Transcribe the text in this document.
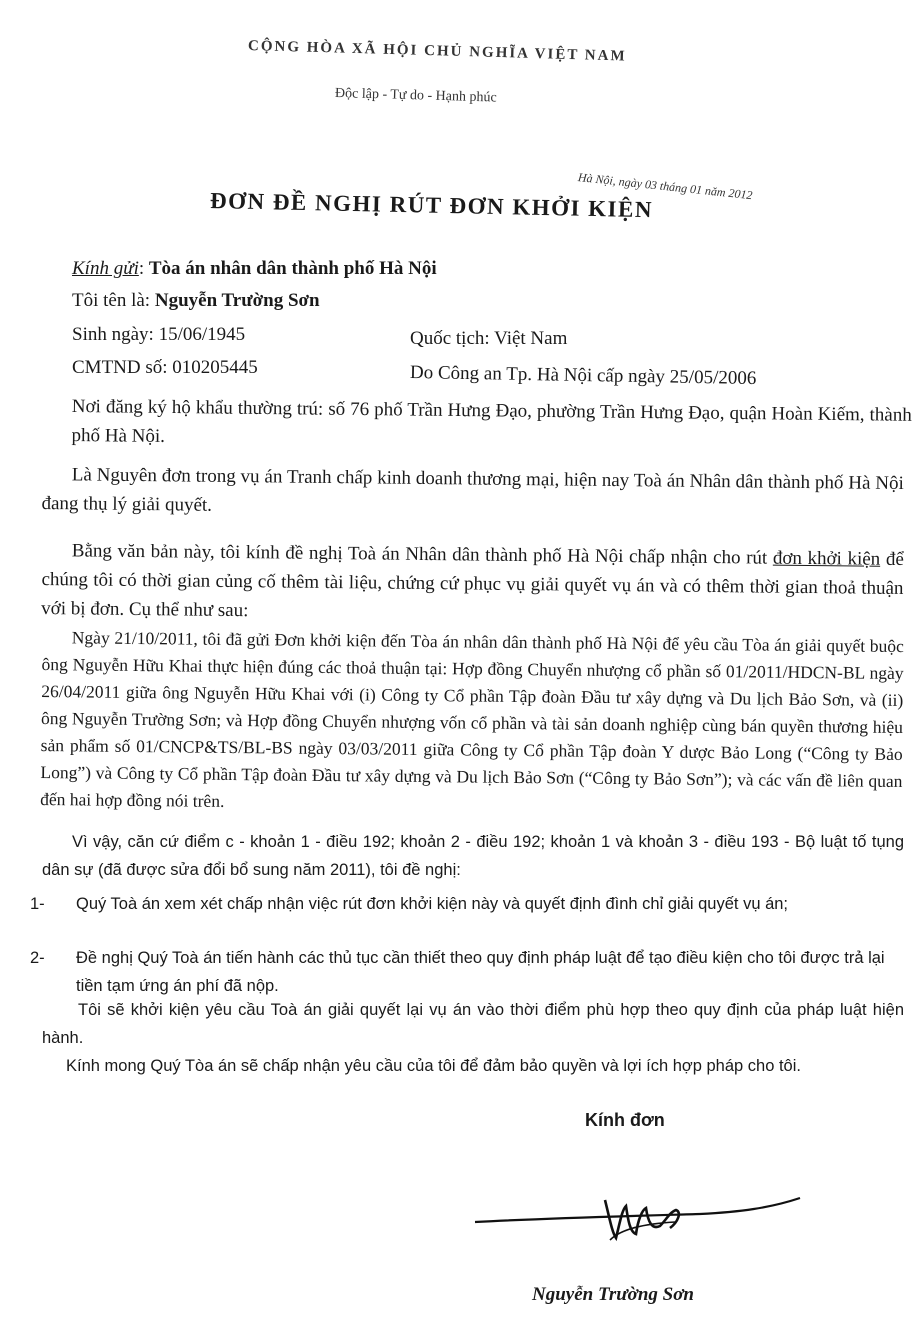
CỘNG HÒA XÃ HỘI CHỦ NGHĨA VIỆT NAM
Độc lập - Tự do - Hạnh phúc
Hà Nội, ngày 03 tháng 01 năm 2012
ĐƠN ĐỀ NGHỊ RÚT ĐƠN KHỞI KIỆN
Kính gửi: Tòa án nhân dân thành phố Hà Nội
Tôi tên là: Nguyễn Trường Sơn
Sinh ngày: 15/06/1945	Quốc tịch: Việt Nam
CMTND số: 010205445	Do Công an Tp. Hà Nội cấp ngày 25/05/2006
Nơi đăng ký hộ khẩu thường trú: số 76 phố Trần Hưng Đạo, phường Trần Hưng Đạo, quận Hoàn Kiếm, thành phố Hà Nội.
Là Nguyên đơn trong vụ án Tranh chấp kinh doanh thương mại, hiện nay Toà án Nhân dân thành phố Hà Nội đang thụ lý giải quyết.
Bằng văn bản này, tôi kính đề nghị Toà án Nhân dân thành phố Hà Nội chấp nhận cho rút đơn khởi kiện để chúng tôi có thời gian củng cố thêm tài liệu, chứng cứ phục vụ giải quyết vụ án và có thêm thời gian thoả thuận với bị đơn. Cụ thể như sau:
Ngày 21/10/2011, tôi đã gửi Đơn khởi kiện đến Tòa án nhân dân thành phố Hà Nội để yêu cầu Tòa án giải quyết buộc ông Nguyễn Hữu Khai thực hiện đúng các thoả thuận tại: Hợp đồng Chuyển nhượng cổ phần số 01/2011/HDCN-BL ngày 26/04/2011 giữa ông Nguyễn Hữu Khai với (i) Công ty Cổ phần Tập đoàn Đầu tư xây dựng và Du lịch Bảo Sơn, và (ii) ông Nguyễn Trường Sơn; và Hợp đồng Chuyển nhượng vốn cổ phần và tài sản doanh nghiệp cùng bán quyền thương hiệu sản phẩm số 01/CNCP&TS/BL-BS ngày 03/03/2011 giữa Công ty Cổ phần Tập đoàn Y dược Bảo Long (“Công ty Bảo Long”) và Công ty Cổ phần Tập đoàn Đầu tư xây dựng và Du lịch Bảo Sơn (“Công ty Bảo Sơn”); và các vấn đề liên quan đến hai hợp đồng nói trên.
Vì vậy, căn cứ điểm c - khoản 1 - điều 192; khoản 2 - điều 192; khoản 1 và khoản 3 - điều 193 - Bộ luật tố tụng dân sự (đã được sửa đổi bổ sung năm 2011), tôi đề nghị:
1- Quý Toà án xem xét chấp nhận việc rút đơn khởi kiện này và quyết định đình chỉ giải quyết vụ án;
2- Đề nghị Quý Toà án tiến hành các thủ tục cần thiết theo quy định pháp luật để tạo điều kiện cho tôi được trả lại tiền tạm ứng án phí đã nộp.
Tôi sẽ khởi kiện yêu cầu Toà án giải quyết lại vụ án vào thời điểm phù hợp theo quy định của pháp luật hiện hành.
Kính mong Quý Tòa án sẽ chấp nhận yêu cầu của tôi để đảm bảo quyền và lợi ích hợp pháp cho tôi.
Kính đơn
Nguyễn Trường Sơn
